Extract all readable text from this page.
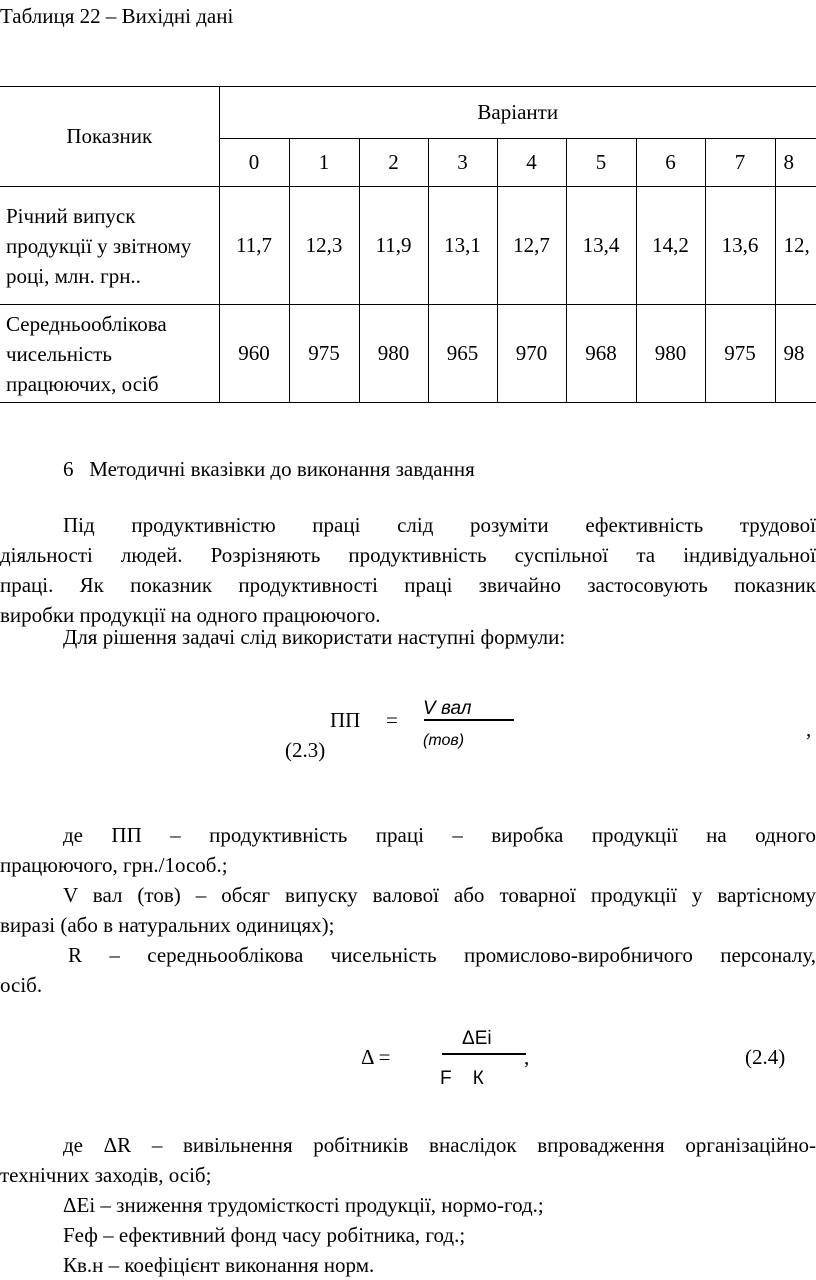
Таблиця 22 – Вихідні дані
Показник	Варіанти								
	0	1	2	3	4	5	6	7	8
Річний випуск продукції у звітному році, млн. грн..	11,7	12,3	11,9	13,1	12,7	13,4	14,2	13,6	12,
Середньооблікова чисельність працюючих, осіб	960	975	980	965	970	968	980	975	98
6   Методичні вказівки до виконання завдання
Під продуктивністю праці слід розуміти ефективність трудової
діяльності людей. Розрізняють продуктивність суспільної та індивідуальної
праці. Як показник продуктивності праці звичайно застосовують показник
виробки продукції на одного працюючого.
Для рішення задачі слід використати наступні формули:
ПП = V вал
(тов)	,
(2.3)
де ПП – продуктивність праці – виробка продукції на одного
працюючого, грн./1особ.;
V вал (тов) – обсяг випуску валової або товарної продукції у вартісному
виразі (або в натуральних одиницях);
R – середньооблікова чисельність промислово-виробничого персоналу,
осіб.
Δ =
ΔЕі
F    К
,	(2.4)
де ΔR – вивільнення робітників внаслідок впровадження організаційно-
технічних заходів, осіб;
ΔЕі – зниження трудомісткості продукції, нормо-год.;
Fеф – ефективний фонд часу робітника, год.;
Кв.н – коефіцієнт виконання норм.
